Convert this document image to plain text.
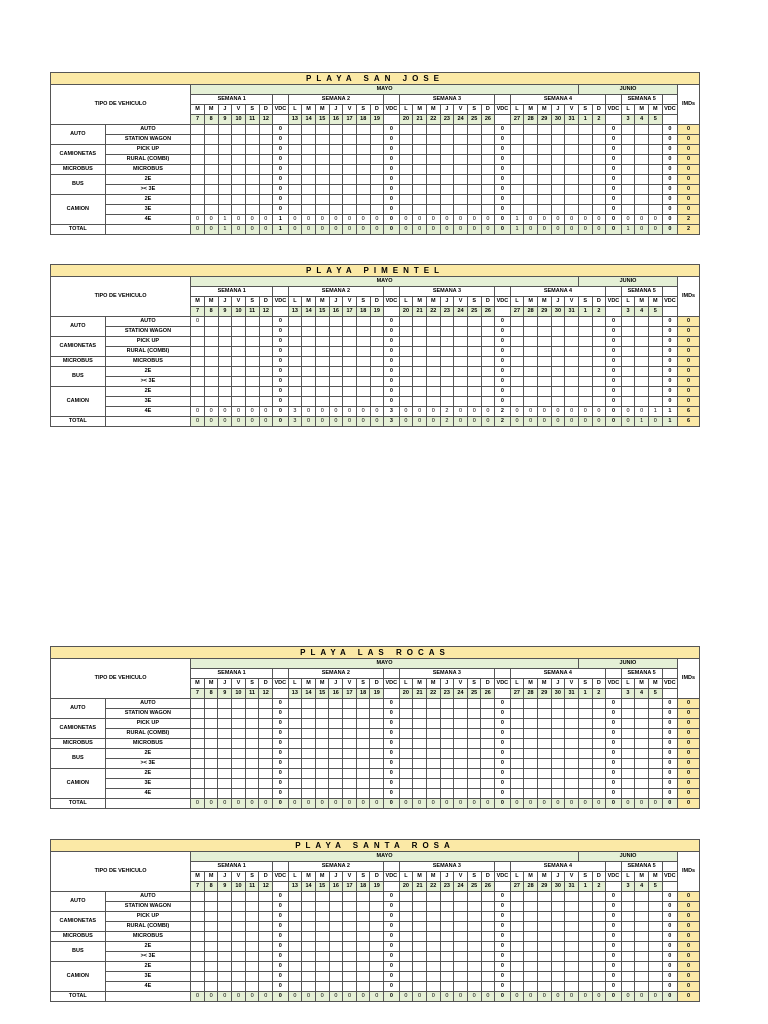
PLAYA SAN JOSE																																					
TIPO DE VEHICULO		MAYO																												JUNIO							IMDs
		SEMANA 1							SEMANA 2								SEMANA 3								SEMANA 4								SEMANA 5				
		M	M	J	V	S	D	VDC	L	M	M	J	V	S	D	VDC	L	M	M	J	V	S	D	VDC	L	M	M	J	V	S	D	VDC	L	M	M	VDC	
		7	8	9	10	11	12		13	14	15	16	17	18	19		20	21	22	23	24	25	26		27	28	29	30	31	1	2		3	4	5		
AUTO	AUTO							0								0								0								0				0	0
	STATION WAGON							0								0								0								0				0	0
CAMIONETAS	PICK UP							0								0								0								0				0	0
	RURAL (COMBI)							0								0								0								0				0	0
MICROBUS	MICROBUS							0								0								0								0				0	0
BUS	2E							0								0								0								0				0	0
	>< 3E							0								0								0								0				0	0
CAMION	2E							0								0								0								0				0	0
	3E							0								0								0								0				0	0
	4E	0	0	1	0	0	0	1	0	0	0	0	0	0	0	0	0	0	0	0	0	0	0	0	1	0	0	0	0	0	0	0	0	0	0	0	2
TOTAL		0	0	1	0	0	0	1	0	0	0	0	0	0	0	0	0	0	0	0	0	0	0	0	1	0	0	0	0	0	0	0	1	0	0	0	2
PLAYA PIMENTEL																																					
TIPO DE VEHICULO		MAYO																												JUNIO							IMDs
		SEMANA 1							SEMANA 2								SEMANA 3								SEMANA 4								SEMANA 5				
		M	M	J	V	S	D	VDC	L	M	M	J	V	S	D	VDC	L	M	M	J	V	S	D	VDC	L	M	M	J	V	S	D	VDC	L	M	M	VDC	
		7	8	9	10	11	12		13	14	15	16	17	18	19		20	21	22	23	24	25	26		27	28	29	30	31	1	2		3	4	5		
AUTO	AUTO	0						0								0								0								0				0	0
	STATION WAGON							0								0								0								0				0	0
CAMIONETAS	PICK UP							0								0								0								0				0	0
	RURAL (COMBI)							0								0								0								0				0	0
MICROBUS	MICROBUS							0								0								0								0				0	0
BUS	2E							0								0								0								0				0	0
	>< 3E							0								0								0								0				0	0
CAMION	2E							0								0								0								0				0	0
	3E							0								0								0								0				0	0
	4E	0	0	0	0	0	0	0	3	0	0	0	0	0	0	3	0	0	0	2	0	0	0	2	0	0	0	0	0	0	0	0	0	0	1	1	6
TOTAL		0	0	0	0	0	0	0	3	0	0	0	0	0	0	3	0	0	0	2	0	0	0	2	0	0	0	0	0	0	0	0	0	1	0	1	6
PLAYA LAS ROCAS																																					
TIPO DE VEHICULO		MAYO																												JUNIO							IMDs
		SEMANA 1							SEMANA 2								SEMANA 3								SEMANA 4								SEMANA 5				
		M	M	J	V	S	D	VDC	L	M	M	J	V	S	D	VDC	L	M	M	J	V	S	D	VDC	L	M	M	J	V	S	D	VDC	L	M	M	VDC	
		7	8	9	10	11	12		13	14	15	16	17	18	19		20	21	22	23	24	25	26		27	28	29	30	31	1	2		3	4	5		
AUTO	AUTO							0								0								0								0				0	0
	STATION WAGON							0								0								0								0				0	0
CAMIONETAS	PICK UP							0								0								0								0				0	0
	RURAL (COMBI)							0								0								0								0				0	0
MICROBUS	MICROBUS							0								0								0								0				0	0
BUS	2E							0								0								0								0				0	0
	>< 3E							0								0								0								0				0	0
CAMION	2E							0								0								0								0				0	0
	3E							0								0								0								0				0	0
	4E							0								0								0								0				0	0
TOTAL		0	0	0	0	0	0	0	0	0	0	0	0	0	0	0	0	0	0	0	0	0	0	0	0	0	0	0	0	0	0	0	0	0	0	0	0
PLAYA SANTA ROSA																																					
TIPO DE VEHICULO		MAYO																												JUNIO							IMDs
		SEMANA 1							SEMANA 2								SEMANA 3								SEMANA 4								SEMANA 5				
		M	M	J	V	S	D	VDC	L	M	M	J	V	S	D	VDC	L	M	M	J	V	S	D	VDC	L	M	M	J	V	S	D	VDC	L	M	M	VDC	
		7	8	9	10	11	12		13	14	15	16	17	18	19		20	21	22	23	24	25	26		27	28	29	30	31	1	2		3	4	5		
AUTO	AUTO							0								0								0								0				0	0
	STATION WAGON							0								0								0								0				0	0
CAMIONETAS	PICK UP							0								0								0								0				0	0
	RURAL (COMBI)							0								0								0								0				0	0
MICROBUS	MICROBUS							0								0								0								0				0	0
BUS	2E							0								0								0								0				0	0
	>< 3E							0								0								0								0				0	0
CAMION	2E							0								0								0								0				0	0
	3E							0								0								0								0				0	0
	4E							0								0								0								0				0	0
TOTAL		0	0	0	0	0	0	0	0	0	0	0	0	0	0	0	0	0	0	0	0	0	0	0	0	0	0	0	0	0	0	0	0	0	0	0	0
